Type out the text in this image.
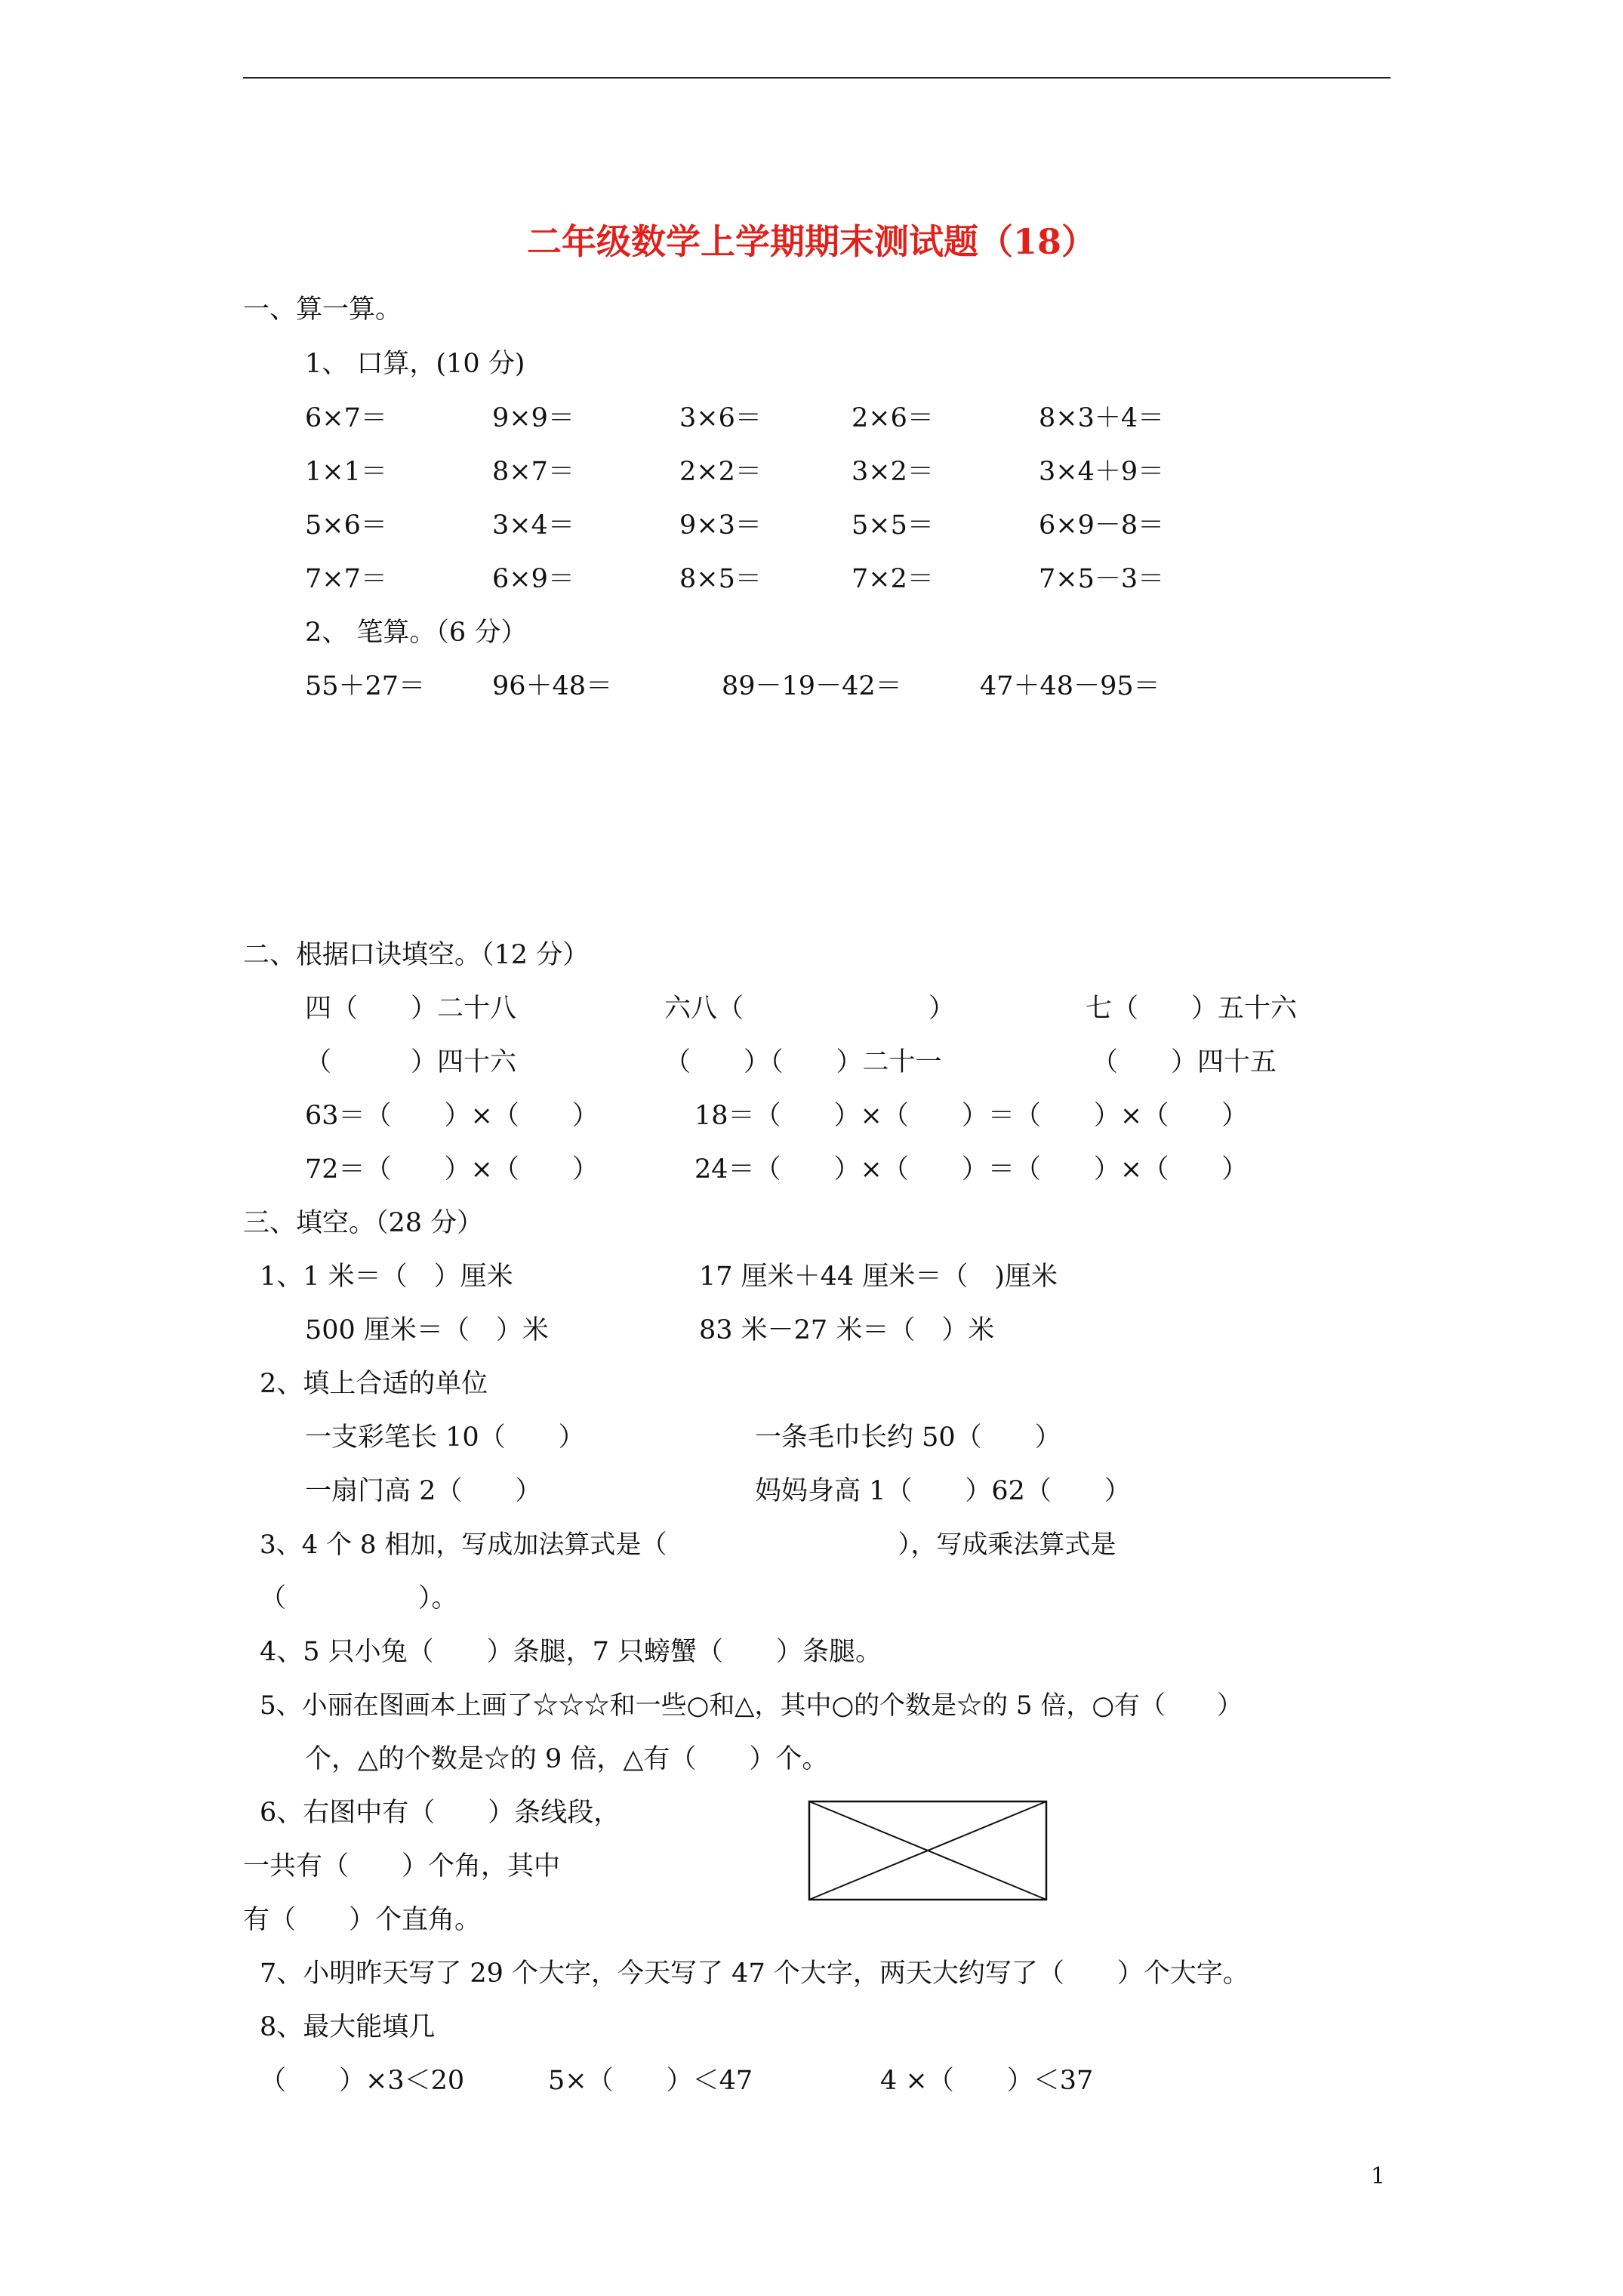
二年级数学上学期期末测试题（18）
一、算一算。
1、 口算，(10 分)
6×7＝	9×9＝	3×6＝	2×6＝	8×3＋4＝
1×1＝	8×7＝	2×2＝	3×2＝	3×4＋9＝
5×6＝	3×4＝	9×3＝	5×5＝	6×9－8＝
7×7＝	6×9＝	8×5＝	7×2＝	7×5－3＝
2、 笔算。（6 分）
55＋27＝	96＋48＝	89－19－42＝	47＋48－95＝
二、根据口诀填空。（12 分）
四（　　）二十八	六八（　　　　　　　）	七（　　）五十六
（　　　）四十六	（　　）（　　）二十一	（　　）四十五
63＝（　　）×（　　）	18＝（　　）×（　　）＝（　　）×（　　）
72＝（　　）×（　　）	24＝（　　）×（　　）＝（　　）×（　　）
三、填空。（28 分）
1、1 米＝（　）厘米	17 厘米＋44 厘米＝（　)厘米
500 厘米＝（　）米	83 米－27 米＝（　）米
2、填上合适的单位
一支彩笔长 10（　　）	一条毛巾长约 50（　　）
一扇门高 2（　　）	妈妈身高 1（　　）62（　　）
3、4 个 8 相加，写成加法算式是（　　　　　　　　　），写成乘法算式是
（　　　　　）。
4、5 只小兔（　　）条腿，7 只螃蟹（　　）条腿。
5、小丽在图画本上画了☆☆☆和一些○和△，其中○的个数是☆的 5 倍，○有（　　）
个，△的个数是☆的 9 倍，△有（　　）个。
6、右图中有（　　）条线段，
一共有（　　）个角，其中
有（　　）个直角。
7、小明昨天写了 29 个大字，今天写了 47 个大字，两天大约写了（　　）个大字。
8、最大能填几
（　　）×3＜20	5×（　　）＜47	4 ×（　　）＜37
1
